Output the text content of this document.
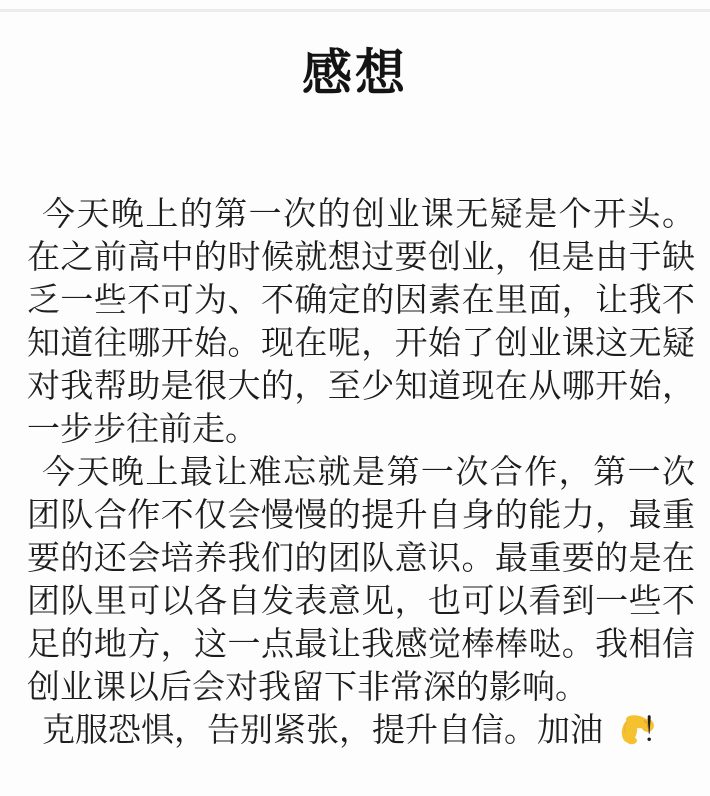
感想

今天晚上的第一次的创业课无疑是个开头。在之前高中的时候就想过要创业，但是由于缺乏一些不可为、不确定的因素在里面，让我不知道往哪开始。现在呢，开始了创业课这无疑对我帮助是很大的，至少知道现在从哪开始，一步步往前走。

今天晚上最让难忘就是第一次合作，第一次团队合作不仅会慢慢的提升自身的能力，最重要的还会培养我们的团队意识。最重要的是在团队里可以各自发表意见，也可以看到一些不足的地方，这一点最让我感觉棒棒哒。我相信创业课以后会对我留下非常深的影响。

克服恐惧，告别紧张，提升自信。加油 ！
